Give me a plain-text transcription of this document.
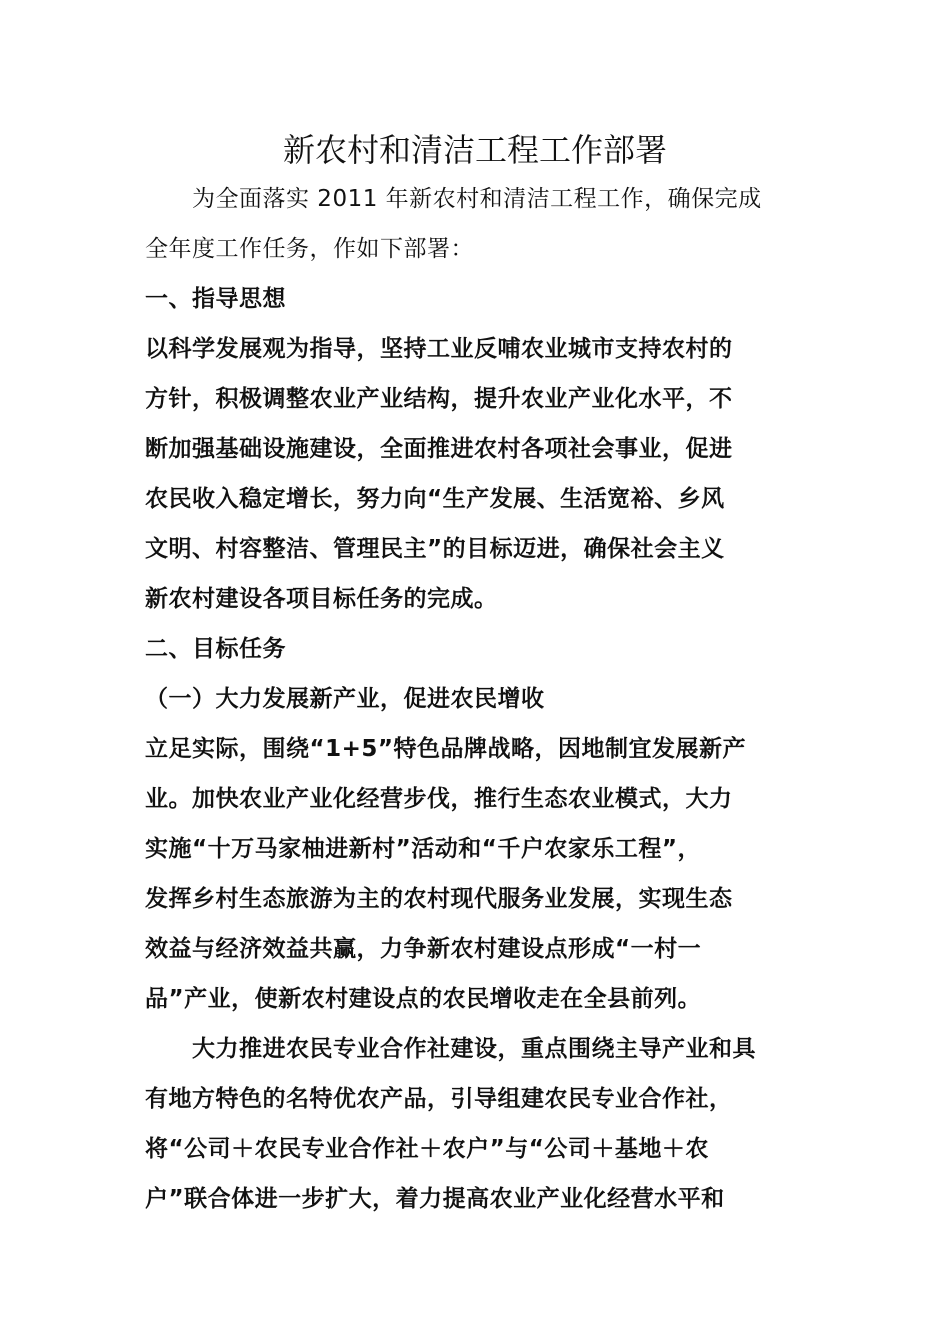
新农村和清洁工程工作部署
　　为全面落实 2011 年新农村和清洁工程工作，确保完成
全年度工作任务，作如下部署：
一、指导思想
以科学发展观为指导，坚持工业反哺农业城市支持农村的
方针，积极调整农业产业结构，提升农业产业化水平，不
断加强基础设施建设，全面推进农村各项社会事业，促进
农民收入稳定增长，努力向“生产发展、生活宽裕、乡风
文明、村容整洁、管理民主”的目标迈进，确保社会主义
新农村建设各项目标任务的完成。
二、目标任务
（一）大力发展新产业，促进农民增收
立足实际，围绕“1+5”特色品牌战略，因地制宜发展新产
业。加快农业产业化经营步伐，推行生态农业模式，大力
实施“十万马家柚进新村”活动和“千户农家乐工程”，
发挥乡村生态旅游为主的农村现代服务业发展，实现生态
效益与经济效益共赢，力争新农村建设点形成“一村一
品”产业，使新农村建设点的农民增收走在全县前列。
　　大力推进农民专业合作社建设，重点围绕主导产业和具
有地方特色的名特优农产品，引导组建农民专业合作社，
将“公司＋农民专业合作社＋农户”与“公司＋基地＋农
户”联合体进一步扩大，着力提高农业产业化经营水平和
